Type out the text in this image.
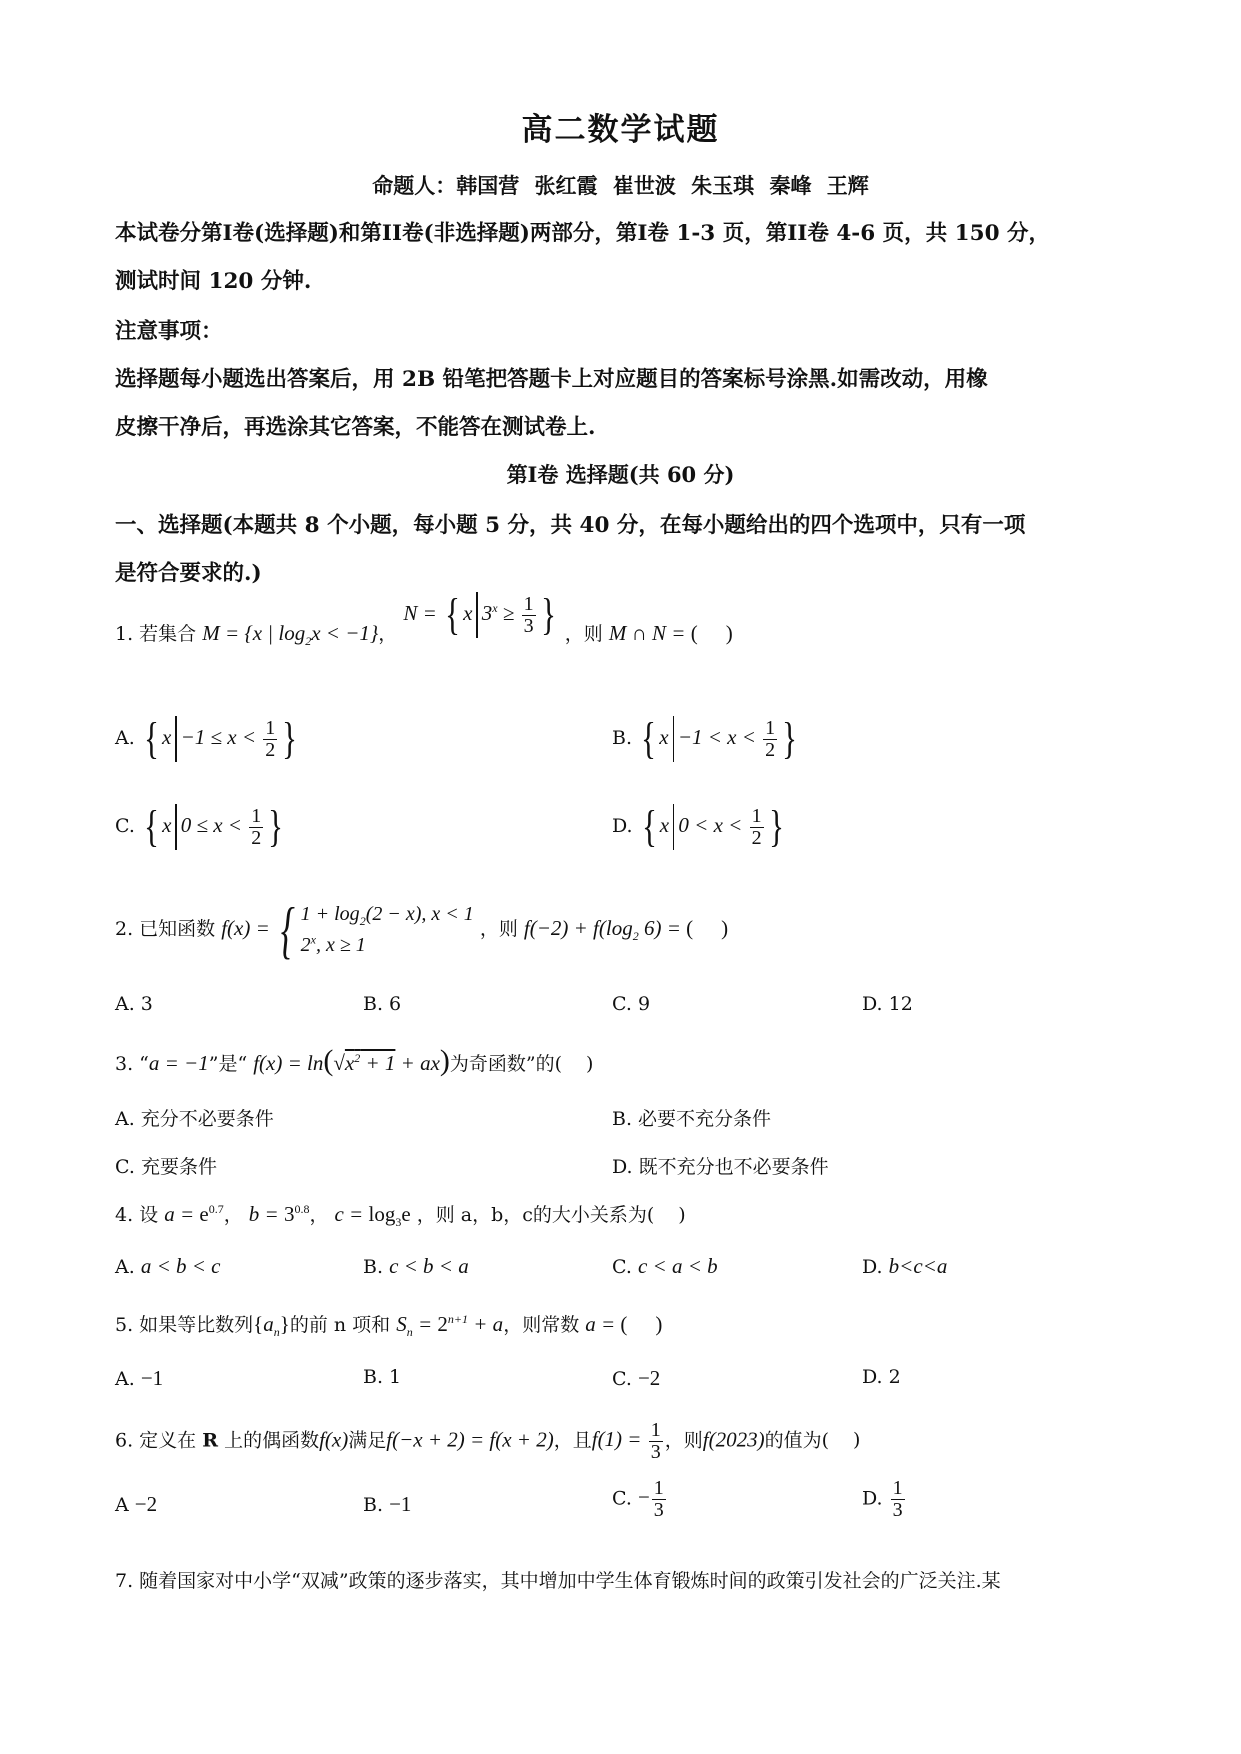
高二数学试题
命题人：韩国营 张红霞 崔世波 朱玉琪 秦峰 王辉
本试卷分第I卷(选择题)和第II卷(非选择题)两部分，第I卷 1-3 页，第II卷 4-6 页，共 150 分，
测试时间 120 分钟.
注意事项：
选择题每小题选出答案后，用 2B 铅笔把答题卡上对应题目的答案标号涂黑.如需改动，用橡
皮擦干净后，再选涂其它答案，不能答在测试卷上.
第I卷 选择题(共 60 分)
一、选择题(本题共 8 个小题，每小题 5 分，共 40 分，在每小题给出的四个选项中，只有一项
是符合要求的.)
1. 若集合 M = {x | $\log_2x < -1$}， N = { x $3^x \ge \frac{1}{3}$ } ，则 M ∩ N = ()
A. { $x -1 \le x < \frac{1}{2}$ }	B. { $x -1 < x < \frac{1}{2}$ }
C. { x $0 \le x < \frac{1}{2}$ }	D. { x $0 < x < \frac{1}{2}$ }
2. 已知函数 f(x) = { $1 + \log_2(2 - x)$, x < 1
2$^x$, x ≥ 1 ，则 $f(-2) + f(\log_2$ 6) = ()
A. 3	B. 6	C. 9	D. 12
3. “a = −1”是“ $f(x) = \ln(√x^2 + 1 + ax)$为奇函数”的( )
A. 充分不必要条件	B. 必要不充分条件
C. 充要条件	D. 既不充分也不必要条件
4. 设 $a = e^{0.7}$， $b = 3^{0.8}$， $c = \log_3e$ ，则 a，b，c的大小关系为( )
A. a < b < c	B. c < b < a	C. c < a < b	D. b<c<a
5. 如果等比数列$\{a_n\}$的前 n 项和 $S_n = 2^{n+1} + a$，则常数 a = ()
A. −1	B. 1	C. −2	D. 2
6. 定义在 R 上的偶函数f(x)满足f(−x + 2) = f(x + 2)，且$f(1) = \frac{1}{3}$ ，则f(2023)的值为( )
A −2	B. −1	C. − $\frac{1}{3}$	D. $\frac{1}{3}$
7. 随着国家对中小学“双减”政策的逐步落实，其中增加中学生体育锻炼时间的政策引发社会的广泛关注.某
